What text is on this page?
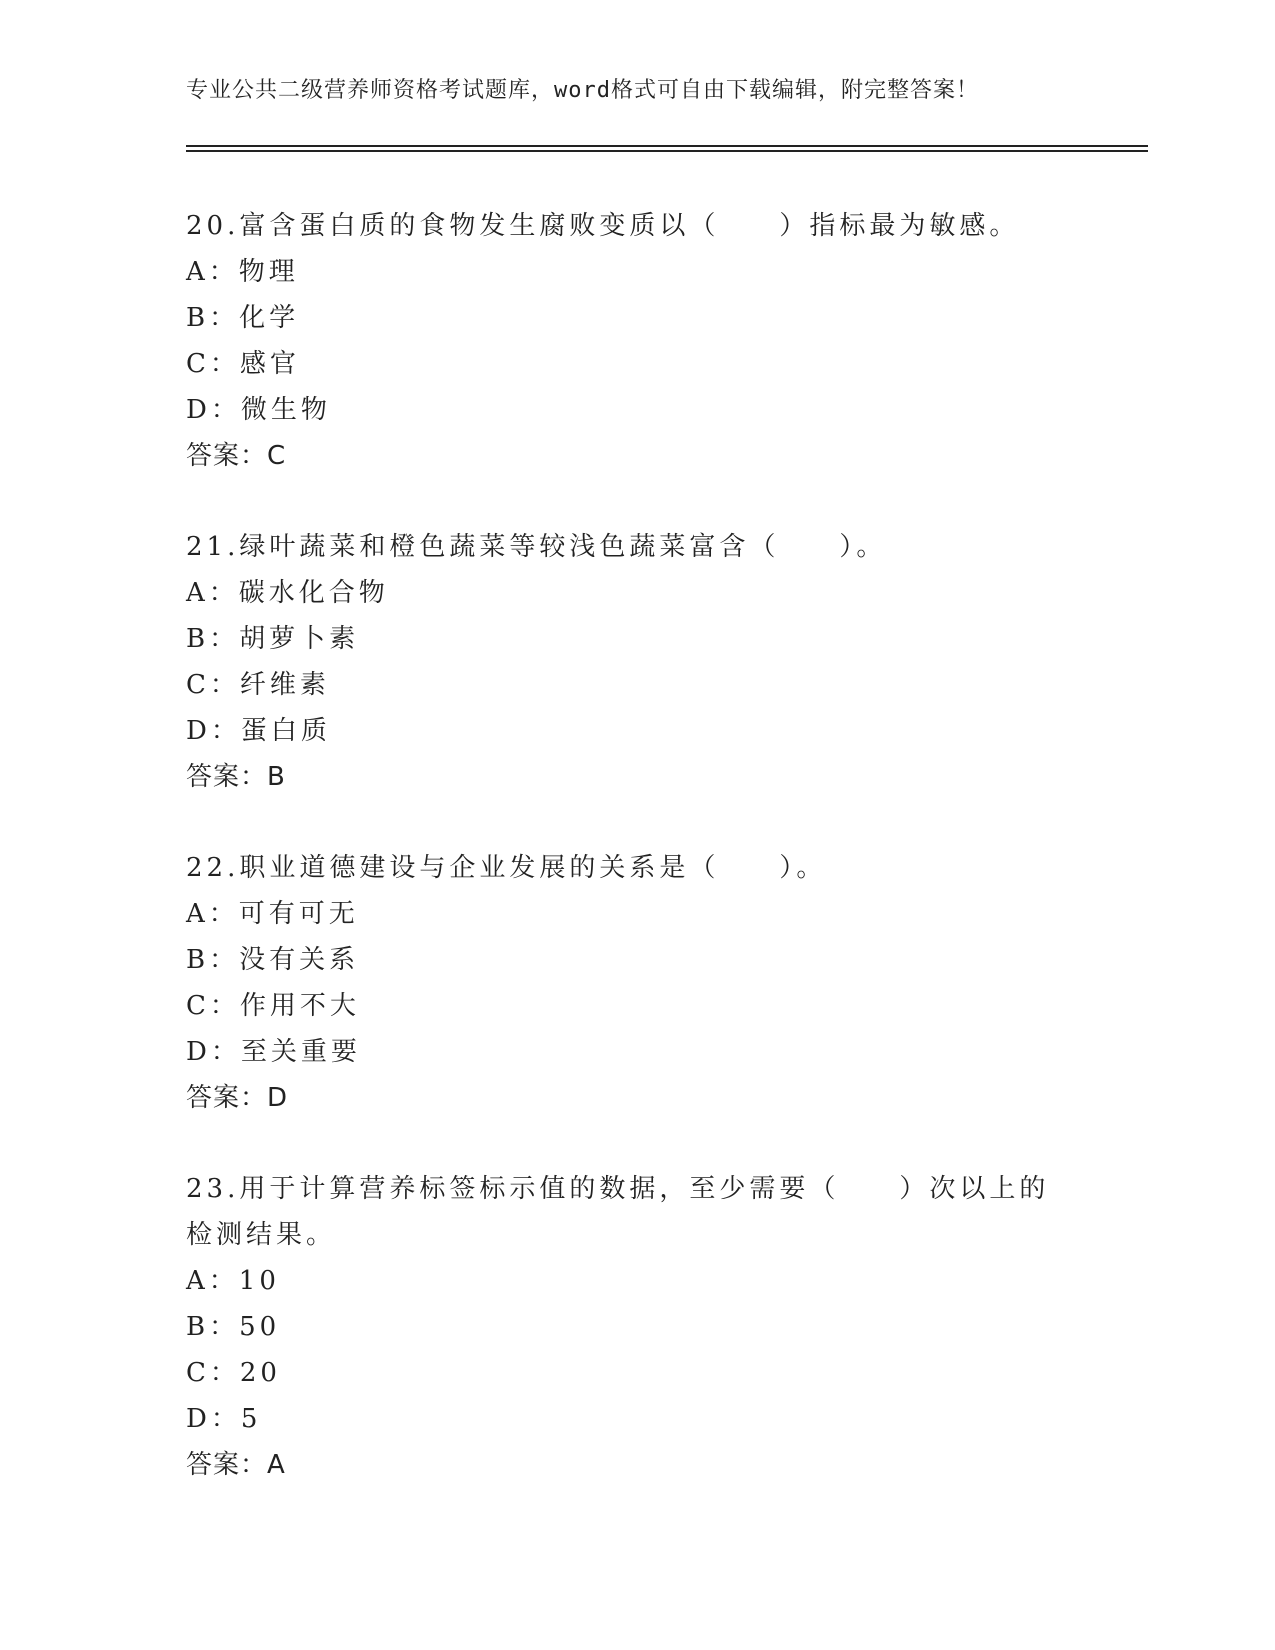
专业公共二级营养师资格考试题库，word格式可自由下载编辑，附完整答案！
20.富含蛋白质的食物发生腐败变质以（　　）指标最为敏感。
A：物理
B：化学
C：感官
D：微生物
答案：C
21.绿叶蔬菜和橙色蔬菜等较浅色蔬菜富含（　　）。
A：碳水化合物
B：胡萝卜素
C：纤维素
D：蛋白质
答案：B
22.职业道德建设与企业发展的关系是（　　）。
A：可有可无
B：没有关系
C：作用不大
D：至关重要
答案：D
23.用于计算营养标签标示值的数据，至少需要（　　）次以上的检测结果。
A：10
B：50
C：20
D：5
答案：A
